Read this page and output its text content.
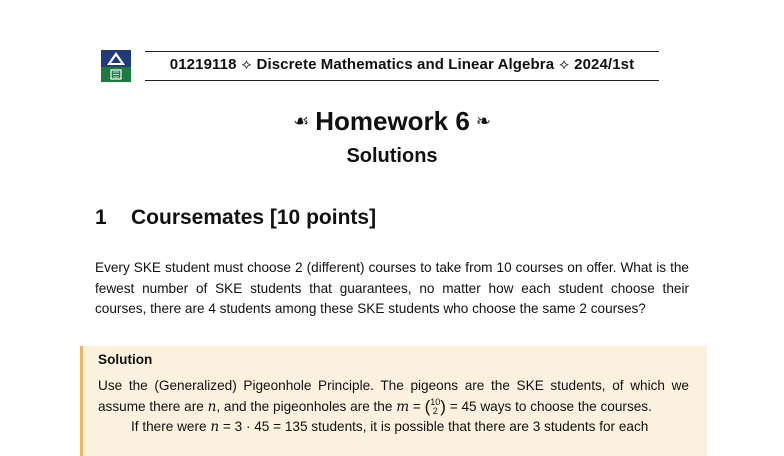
01219118 ⟡ Discrete Mathematics and Linear Algebra ⟡ 2024/1st
☙ Homework 6 ❧
Solutions
1 Coursemates [10 points]
Every SKE student must choose 2 (different) courses to take from 10 courses on offer. What is the fewest number of SKE students that guarantees, no matter how each student choose their courses, there are 4 students among these SKE students who choose the same 2 courses?
Solution

Use the (Generalized) Pigeonhole Principle. The pigeons are the SKE students, of which we assume there are n, and the pigeonholes are the m = (10
2 ) = 45 ways to choose the courses.

If there were n = 3 · 45 = 135 students, it is possible that there are 3 students for each
